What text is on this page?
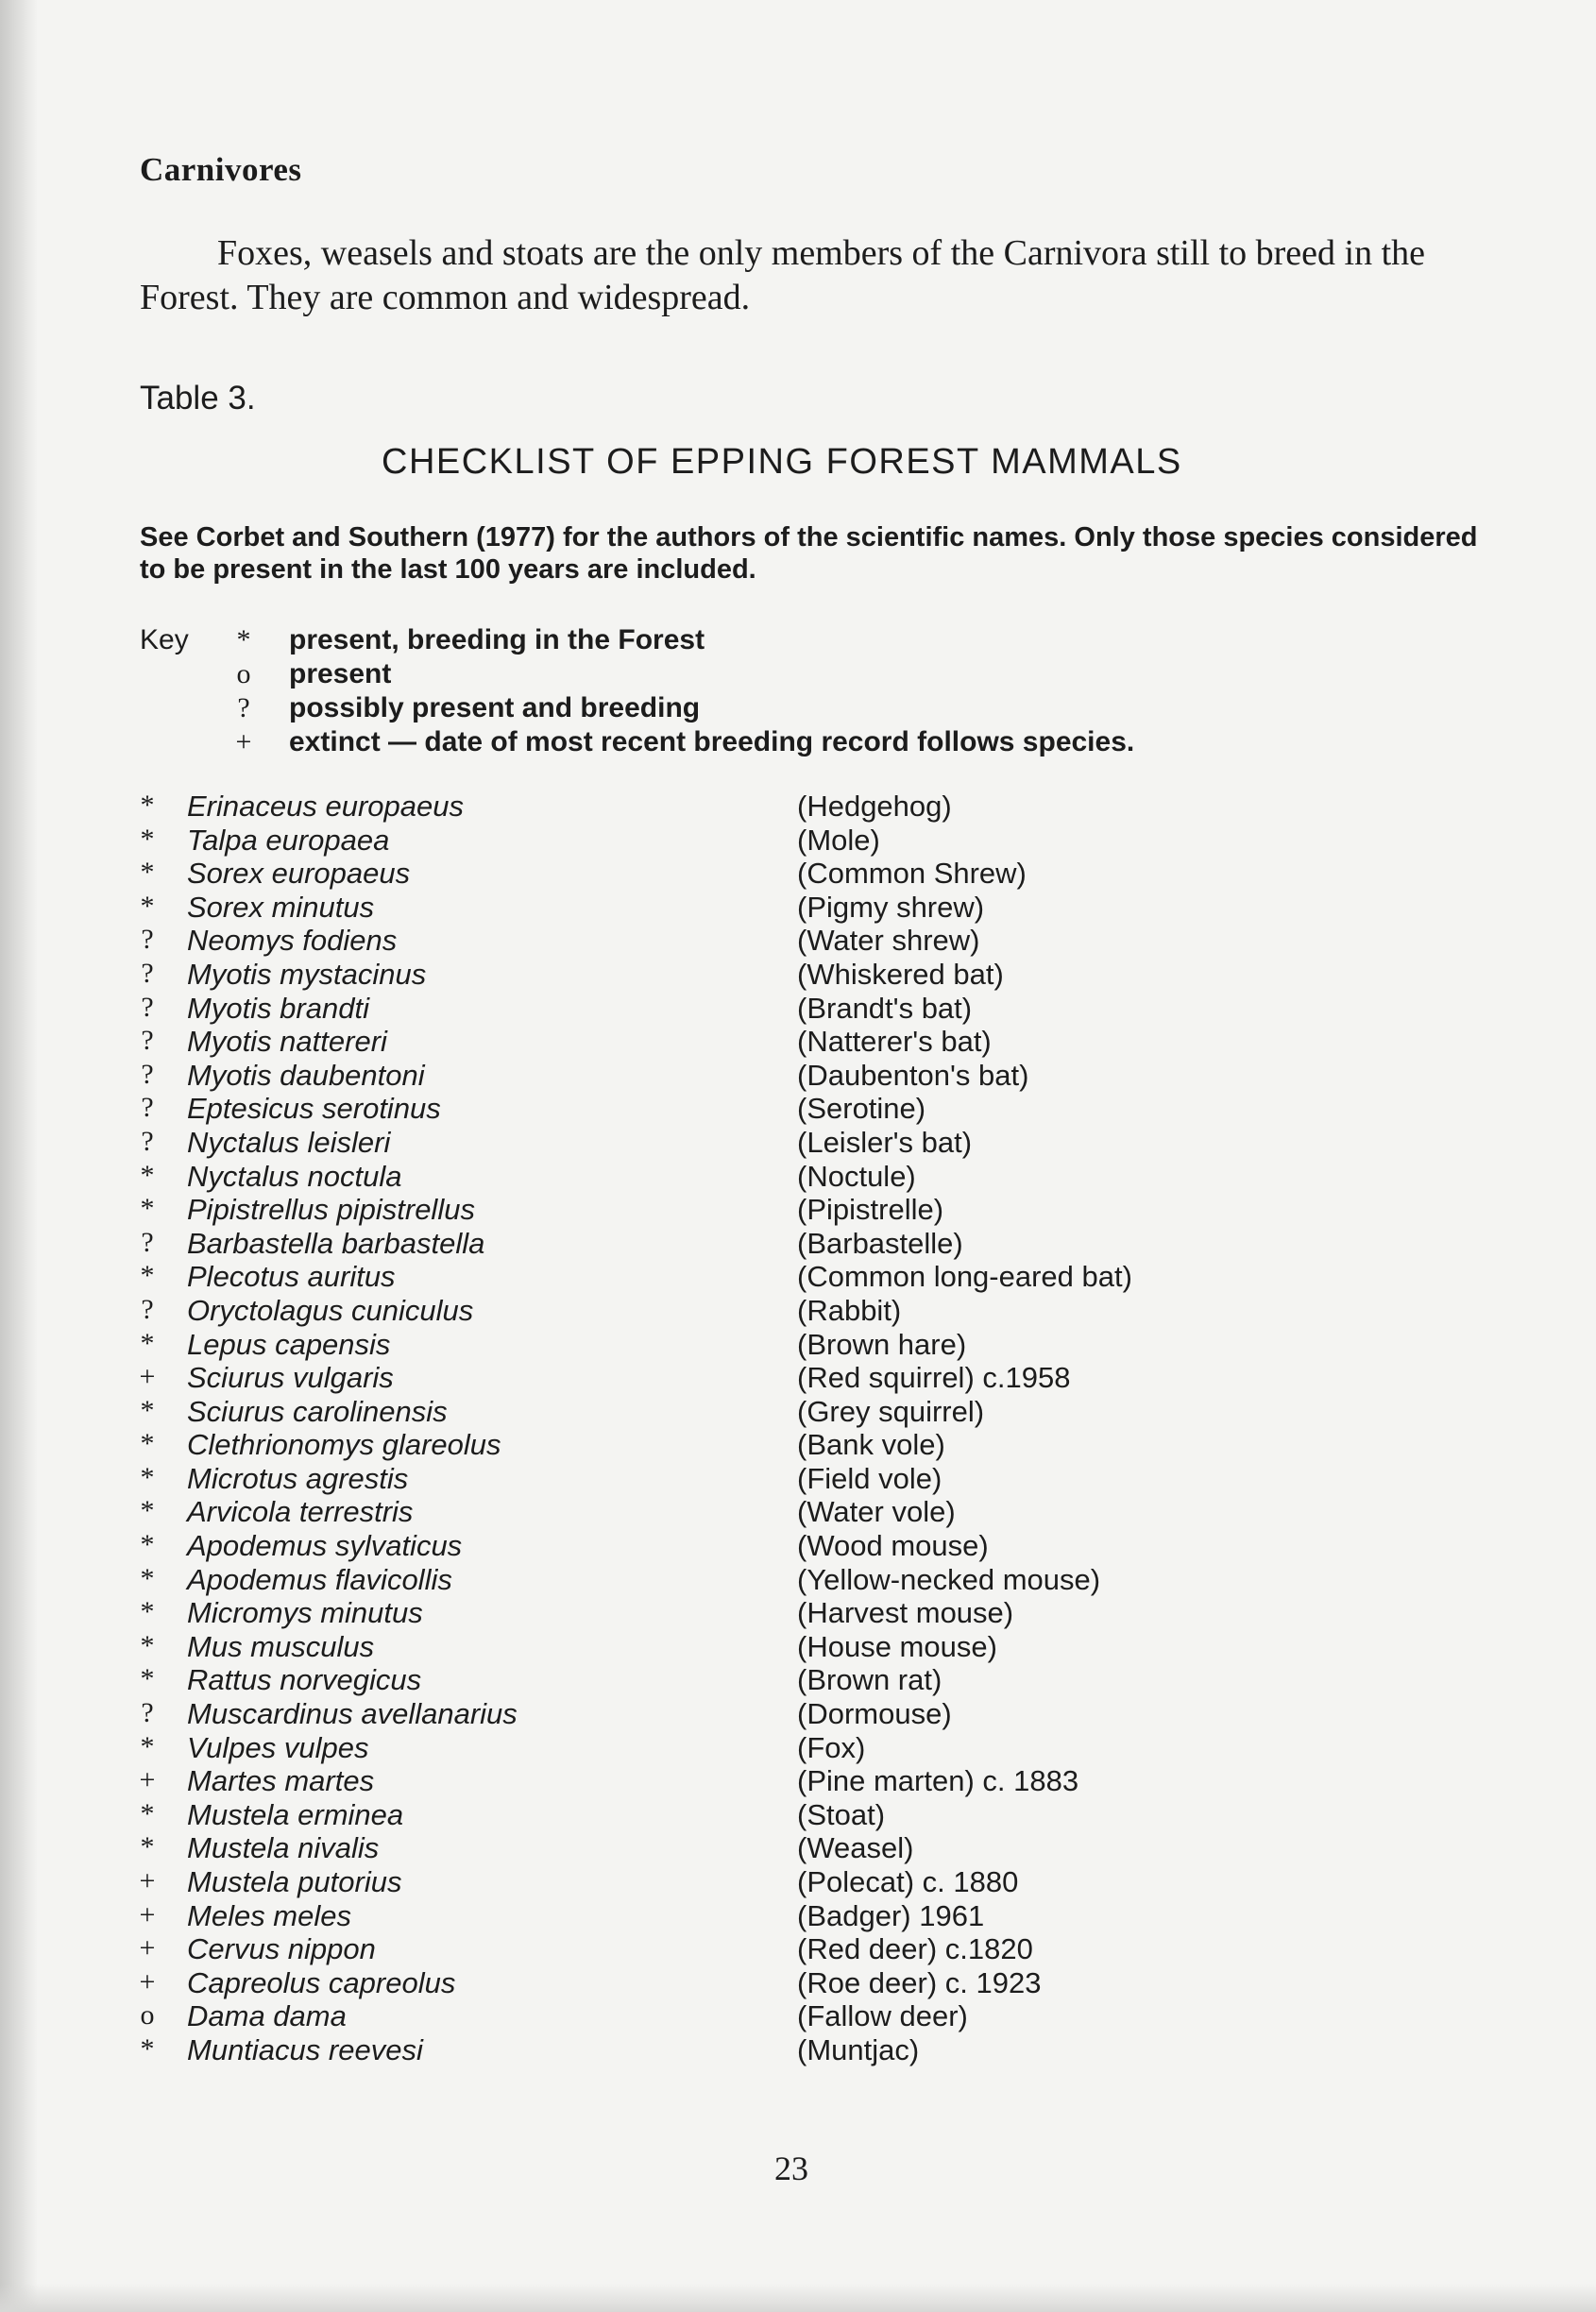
Carnivores
Foxes, weasels and stoats are the only members of the Carnivora still to breed in the Forest. They are common and widespread.
Table 3.
CHECKLIST OF EPPING FOREST MAMMALS
See Corbet and Southern (1977) for the authors of the scientific names. Only those species considered to be present in the last 100 years are included.
Key * present, breeding in the Forest
o present
? possibly present and breeding
+ extinct — date of most recent breeding record follows species.
* Erinaceus europaeus	(Hedgehog)
* Talpa europaea	(Mole)
* Sorex europaeus	(Common Shrew)
* Sorex minutus	(Pigmy shrew)
?	Neomys fodiens	(Water shrew)
?	Myotis mystacinus	(Whiskered bat)
?	Myotis brandti	(Brandt's bat)
?	Myotis nattereri	(Natterer's bat)
?	Myotis daubentoni	(Daubenton's bat)
?	Eptesicus serotinus	(Serotine)
?	Nyctalus leisleri	(Leisler's bat)
* Nyctalus noctula	(Noctule)
* Pipistrellus pipistrellus	(Pipistrelle)
?	Barbastella barbastella	(Barbastelle)
* Plecotus auritus	(Common long-eared bat)
?	Oryctolagus cuniculus	(Rabbit)
* Lepus capensis	(Brown hare)
+ Sciurus vulgaris	(Red squirrel) c.1958
* Sciurus carolinensis	(Grey squirrel)
* Clethrionomys glareolus	(Bank vole)
* Microtus agrestis	(Field vole)
* Arvicola terrestris	(Water vole)
* Apodemus sylvaticus	(Wood mouse)
* Apodemus flavicollis	(Yellow-necked mouse)
* Micromys minutus	(Harvest mouse)
* Mus musculus	(House mouse)
* Rattus norvegicus	(Brown rat)
?	Muscardinus avellanarius	(Dormouse)
* Vulpes vulpes	(Fox)
+ Martes martes	(Pine marten) c. 1883
* Mustela erminea	(Stoat)
* Mustela nivalis	(Weasel)
+ Mustela putorius	(Polecat) c. 1880
+ Meles meles	(Badger) 1961
+ Cervus nippon	(Red deer) c.1820
+ Capreolus capreolus	(Roe deer) c. 1923
o Dama dama	(Fallow deer)
* Muntiacus reevesi	(Muntjac)
23
